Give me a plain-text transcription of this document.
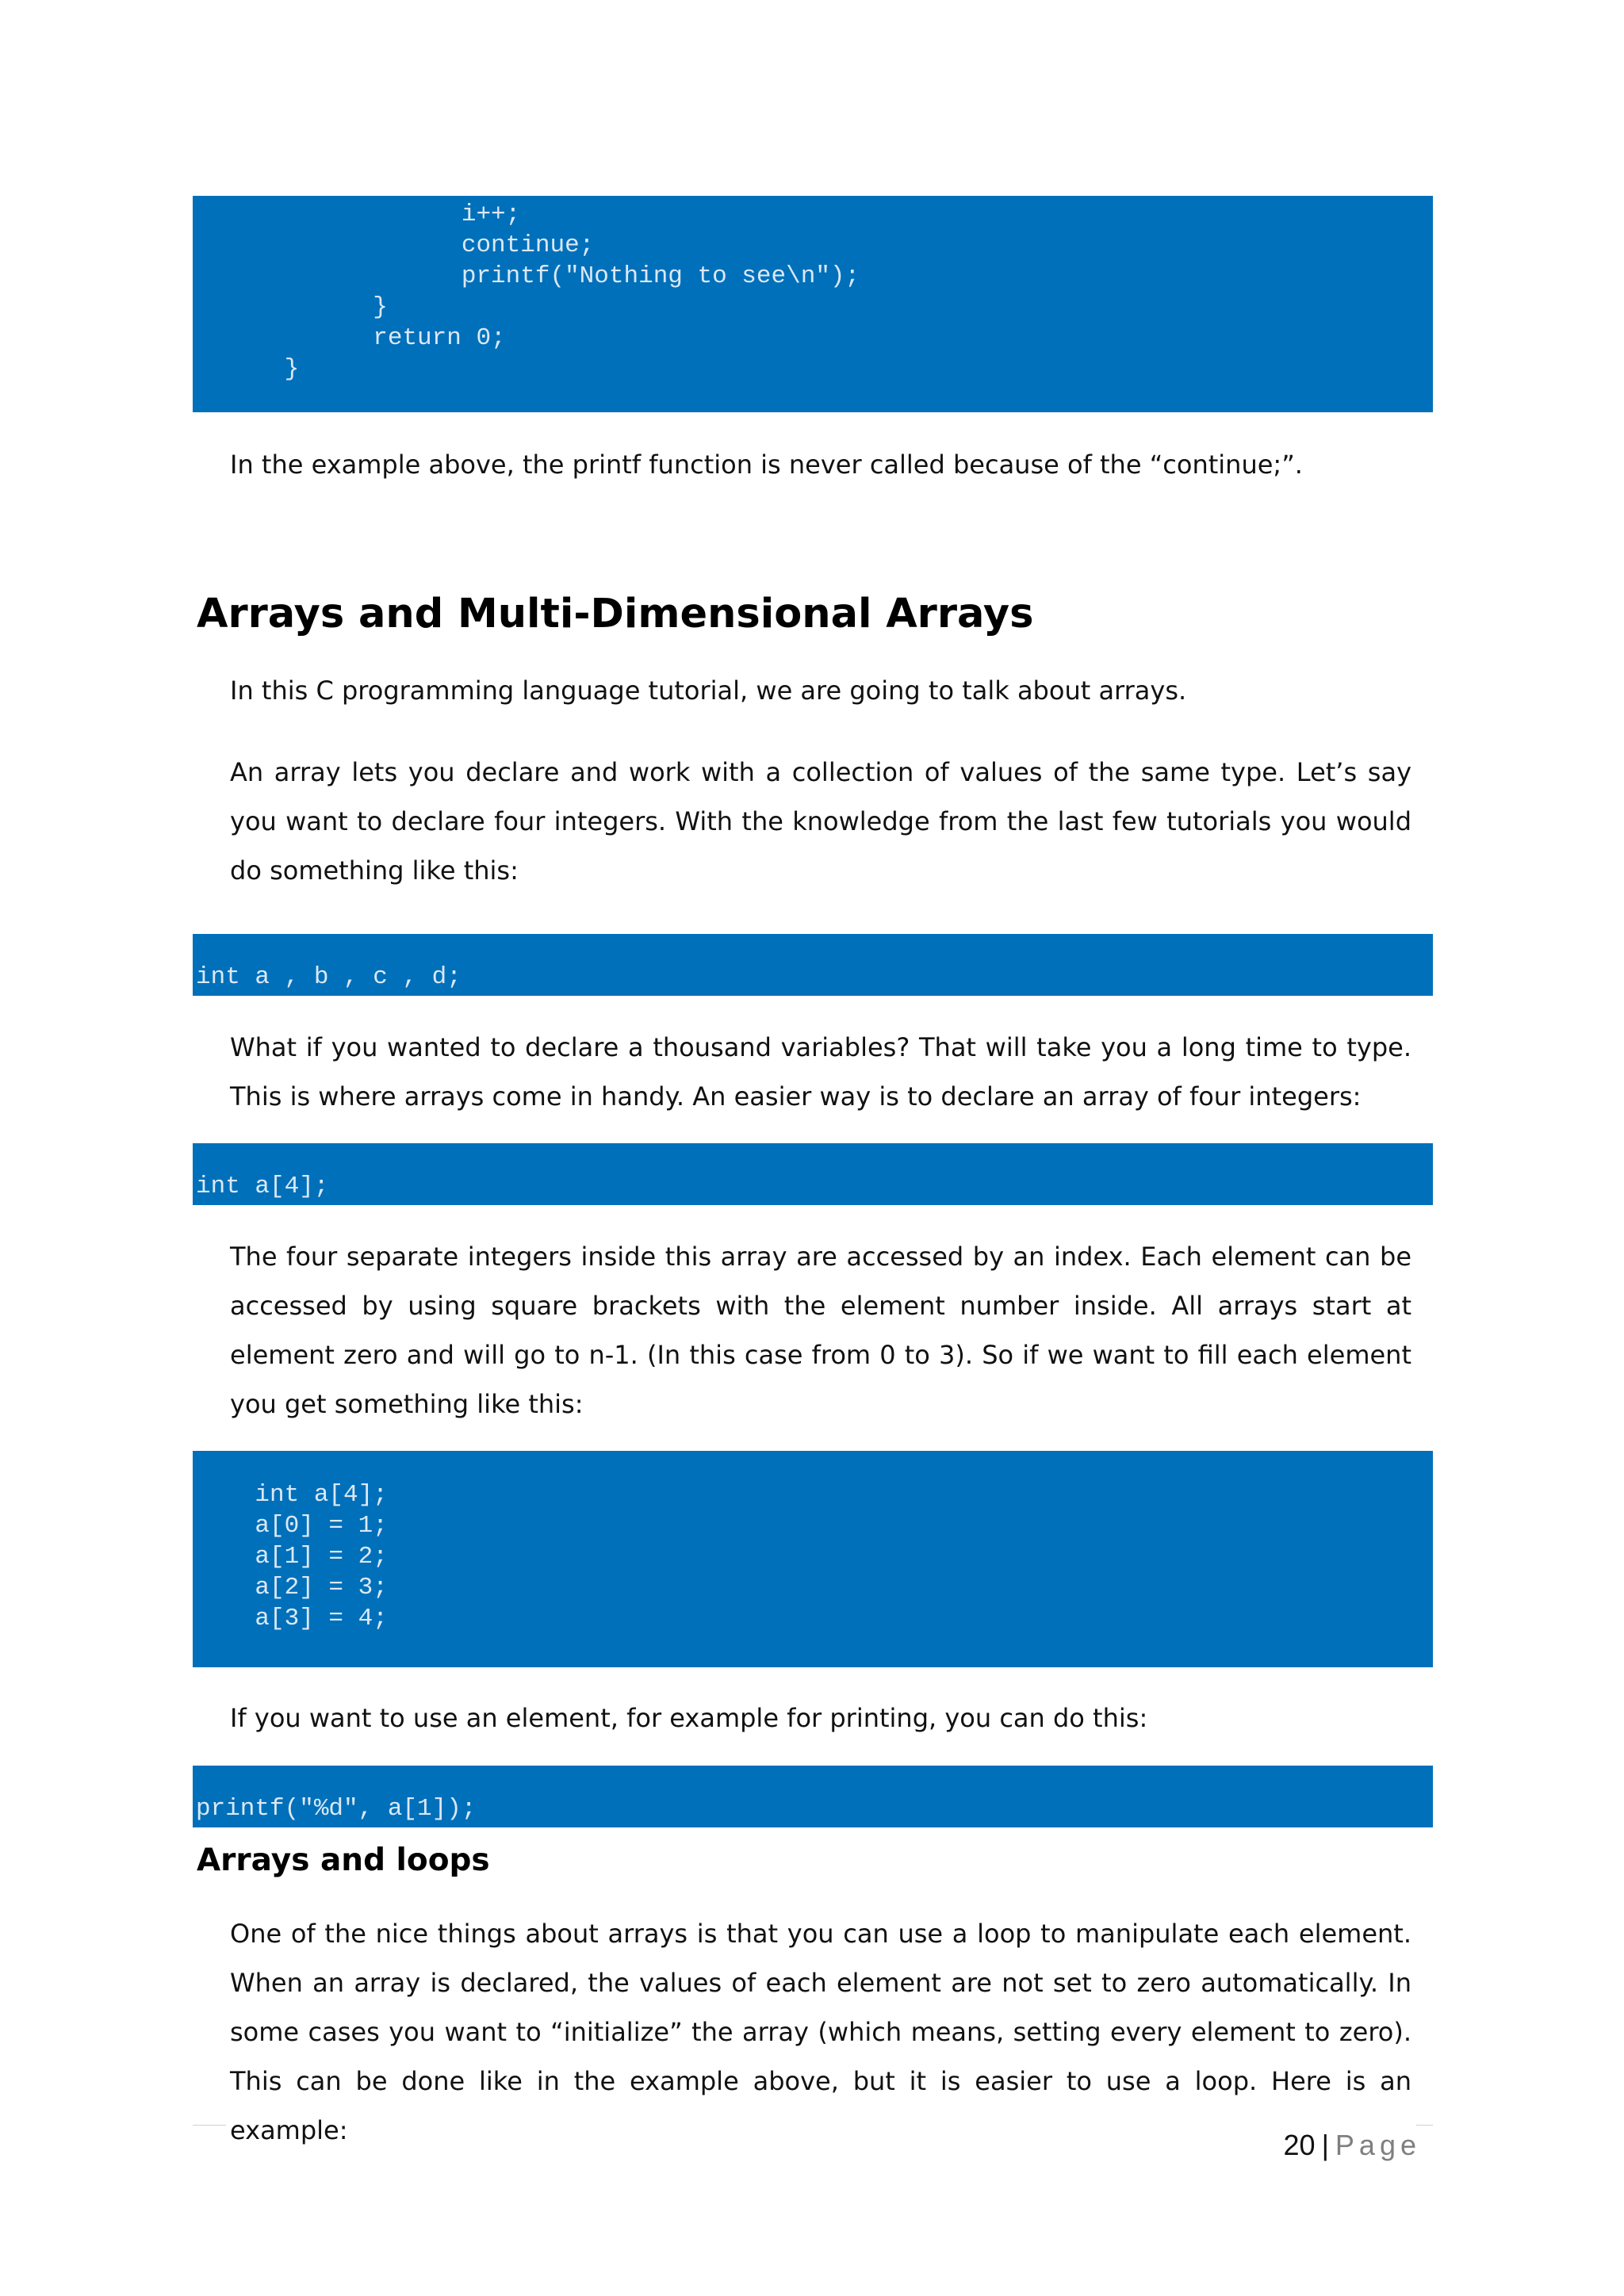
i++;
continue;
printf("Nothing to see\n");
}
return 0;
}

In the example above, the printf function is never called because of the “continue;”.

Arrays and Multi-Dimensional Arrays

In this C programming language tutorial, we are going to talk about arrays.

An array lets you declare and work with a collection of values of the same type. Let’s say you want to declare four integers. With the knowledge from the last few tutorials you would do something like this:

int a , b , c , d;

What if you wanted to declare a thousand variables? That will take you a long time to type. This is where arrays come in handy. An easier way is to declare an array of four integers:

int a[4];

The four separate integers inside this array are accessed by an index. Each element can be accessed by using square brackets with the element number inside. All arrays start at element zero and will go to n-1. (In this case from 0 to 3). So if we want to fill each element you get something like this:

int a[4];
a[0] = 1;
a[1] = 2;
a[2] = 3;
a[3] = 4;

If you want to use an element, for example for printing, you can do this:

printf("%d", a[1]);
Arrays and loops

One of the nice things about arrays is that you can use a loop to manipulate each element. When an array is declared, the values of each element are not set to zero automatically. In some cases you want to “initialize” the array (which means, setting every element to zero). This can be done like in the example above, but it is easier to use a loop. Here is an example:	20 | Page
